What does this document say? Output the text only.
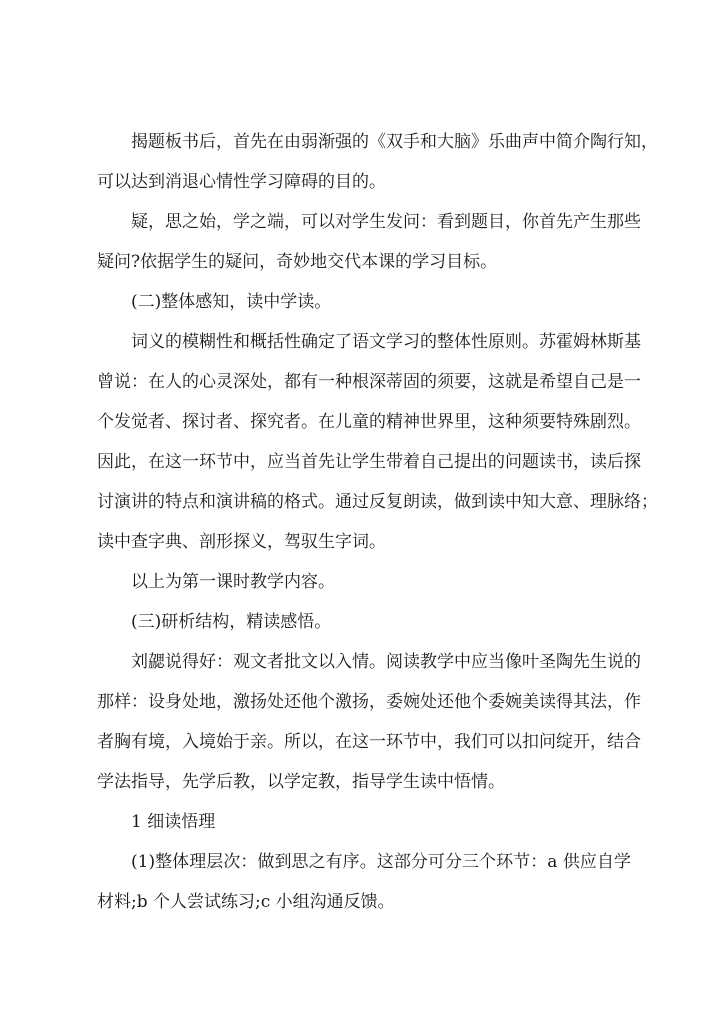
揭题板书后，首先在由弱渐强的《双手和大脑》乐曲声中简介陶行知，
可以达到消退心情性学习障碍的目的。
疑，思之始，学之端，可以对学生发问：看到题目，你首先产生那些
疑问?依据学生的疑问，奇妙地交代本课的学习目标。
(二)整体感知，读中学读。
词义的模糊性和概括性确定了语文学习的整体性原则。苏霍姆林斯基
曾说：在人的心灵深处，都有一种根深蒂固的须要，这就是希望自己是一
个发觉者、探讨者、探究者。在儿童的精神世界里，这种须要特殊剧烈。
因此，在这一环节中，应当首先让学生带着自己提出的问题读书，读后探
讨演讲的特点和演讲稿的格式。通过反复朗读，做到读中知大意、理脉络；
读中查字典、剖形探义，驾驭生字词。
以上为第一课时教学内容。
(三)研析结构，精读感悟。
刘勰说得好：观文者批文以入情。阅读教学中应当像叶圣陶先生说的
那样：设身处地，激扬处还他个激扬，委婉处还他个委婉美读得其法，作
者胸有境，入境始于亲。所以，在这一环节中，我们可以扣问绽开，结合
学法指导，先学后教，以学定教，指导学生读中悟情。
1 细读悟理
(1)整体理层次：做到思之有序。这部分可分三个环节：a 供应自学
材料;b 个人尝试练习;c 小组沟通反馈。
